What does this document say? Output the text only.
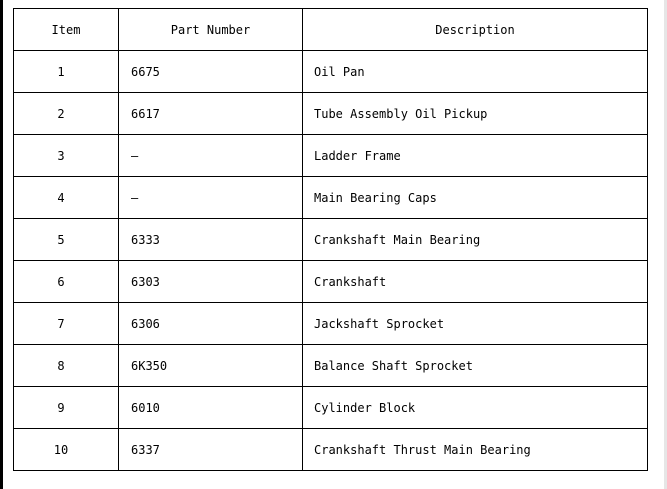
Item	Part Number	Description
1	6675	Oil Pan
2	6617	Tube Assembly Oil Pickup
3	—	Ladder Frame
4	—	Main Bearing Caps
5	6333	Crankshaft Main Bearing
6	6303	Crankshaft
7	6306	Jackshaft Sprocket
8	6K350	Balance Shaft Sprocket
9	6010	Cylinder Block
10	6337	Crankshaft Thrust Main Bearing
